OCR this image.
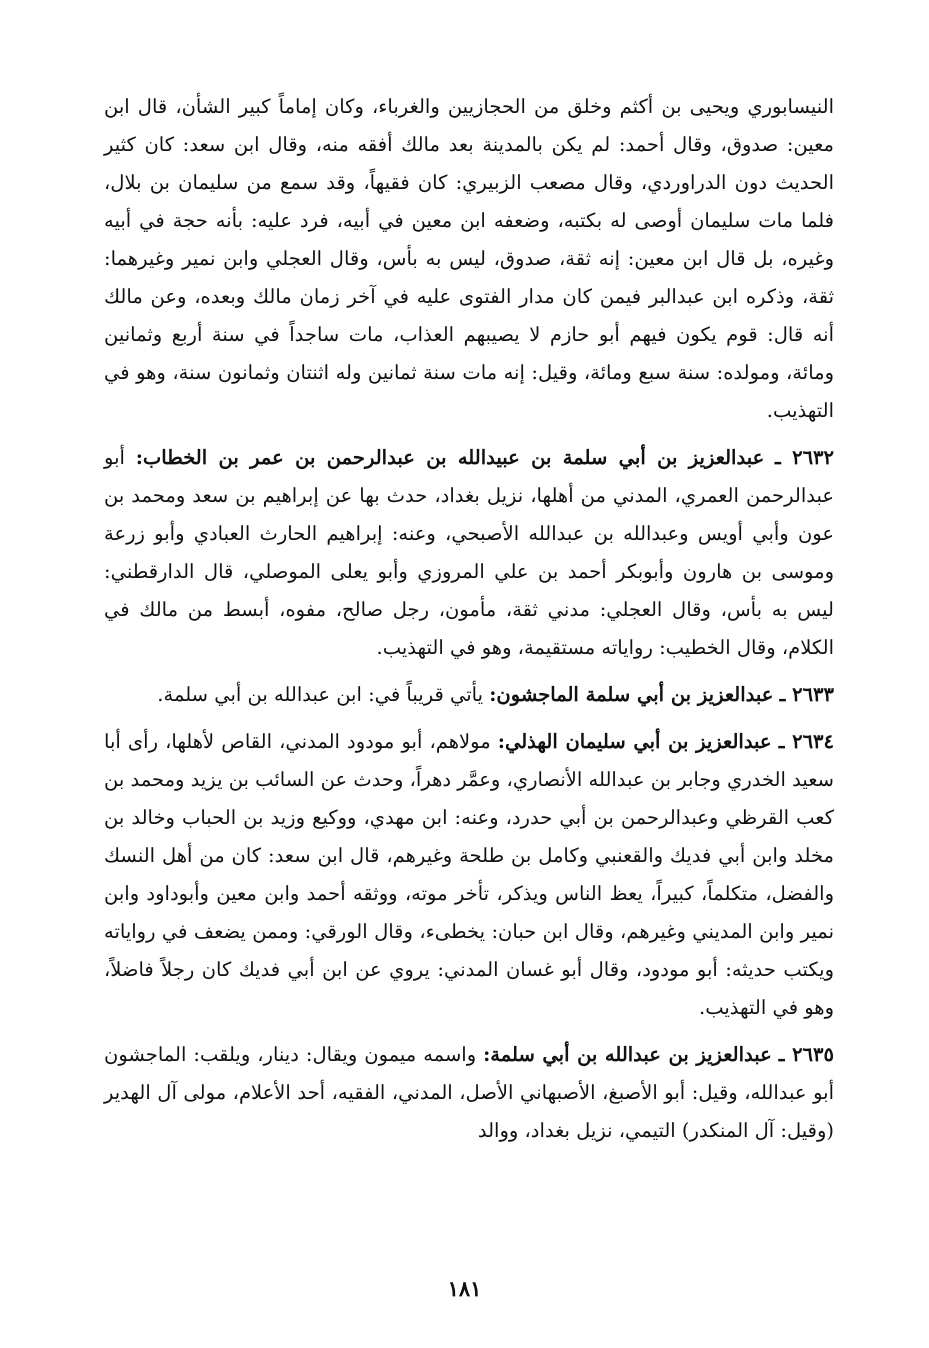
النيسابوري ويحيى بن أكثم وخلق من الحجازيين والغرباء، وكان إماماً كبير الشأن، قال ابن معين: صدوق، وقال أحمد: لم يكن بالمدينة بعد مالك أفقه منه، وقال ابن سعد: كان كثير الحديث دون الدراوردي، وقال مصعب الزبيري: كان فقيهاً، وقد سمع من سليمان بن بلال، فلما مات سليمان أوصى له بكتبه، وضعفه ابن معين في أبيه، فرد عليه: بأنه حجة في أبيه وغيره، بل قال ابن معين: إنه ثقة، صدوق، ليس به بأس، وقال العجلي وابن نمير وغيرهما: ثقة، وذكره ابن عبدالبر فيمن كان مدار الفتوى عليه في آخر زمان مالك وبعده، وعن مالك أنه قال: قوم يكون فيهم أبو حازم لا يصيبهم العذاب، مات ساجداً في سنة أربع وثمانين ومائة، ومولده: سنة سبع ومائة، وقيل: إنه مات سنة ثمانين وله اثنتان وثمانون سنة، وهو في التهذيب.

٢٦٣٢ ـ عبدالعزيز بن أبي سلمة بن عبيدالله بن عبدالرحمن بن عمر بن الخطاب: أبو عبدالرحمن العمري، المدني من أهلها، نزيل بغداد، حدث بها عن إبراهيم بن سعد ومحمد بن عون وأبي أويس وعبدالله بن عبدالله الأصبحي، وعنه: إبراهيم الحارث العبادي وأبو زرعة وموسى بن هارون وأبوبكر أحمد بن علي المروزي وأبو يعلى الموصلي، قال الدارقطني: ليس به بأس، وقال العجلي: مدني ثقة، مأمون، رجل صالح، مفوه، أبسط من مالك في الكلام، وقال الخطيب: رواياته مستقيمة، وهو في التهذيب.

٢٦٣٣ ـ عبدالعزيز بن أبي سلمة الماجشون: يأتي قريباً في: ابن عبدالله بن أبي سلمة.

٢٦٣٤ ـ عبدالعزيز بن أبي سليمان الهذلي: مولاهم، أبو مودود المدني، القاص لأهلها، رأى أبا سعيد الخدري وجابر بن عبدالله الأنصاري، وعمَّر دهراً، وحدث عن السائب بن يزيد ومحمد بن كعب القرظي وعبدالرحمن بن أبي حدرد، وعنه: ابن مهدي، ووكيع وزيد بن الحباب وخالد بن مخلد وابن أبي فديك والقعنبي وكامل بن طلحة وغيرهم، قال ابن سعد: كان من أهل النسك والفضل، متكلماً، كبيراً، يعظ الناس ويذكر، تأخر موته، ووثقه أحمد وابن معين وأبوداود وابن نمير وابن المديني وغيرهم، وقال ابن حبان: يخطىء، وقال الورقي: وممن يضعف في رواياته ويكتب حديثه: أبو مودود، وقال أبو غسان المدني: يروي عن ابن أبي فديك كان رجلاً فاضلاً، وهو في التهذيب.

٢٦٣٥ ـ عبدالعزيز بن عبدالله بن أبي سلمة: واسمه ميمون ويقال: دينار، ويلقب: الماجشون أبو عبدالله، وقيل: أبو الأصبغ، الأصبهاني الأصل، المدني، الفقيه، أحد الأعلام، مولى آل الهدير (وقيل: آل المنكدر) التيمي، نزيل بغداد، ووالد

١٨١
